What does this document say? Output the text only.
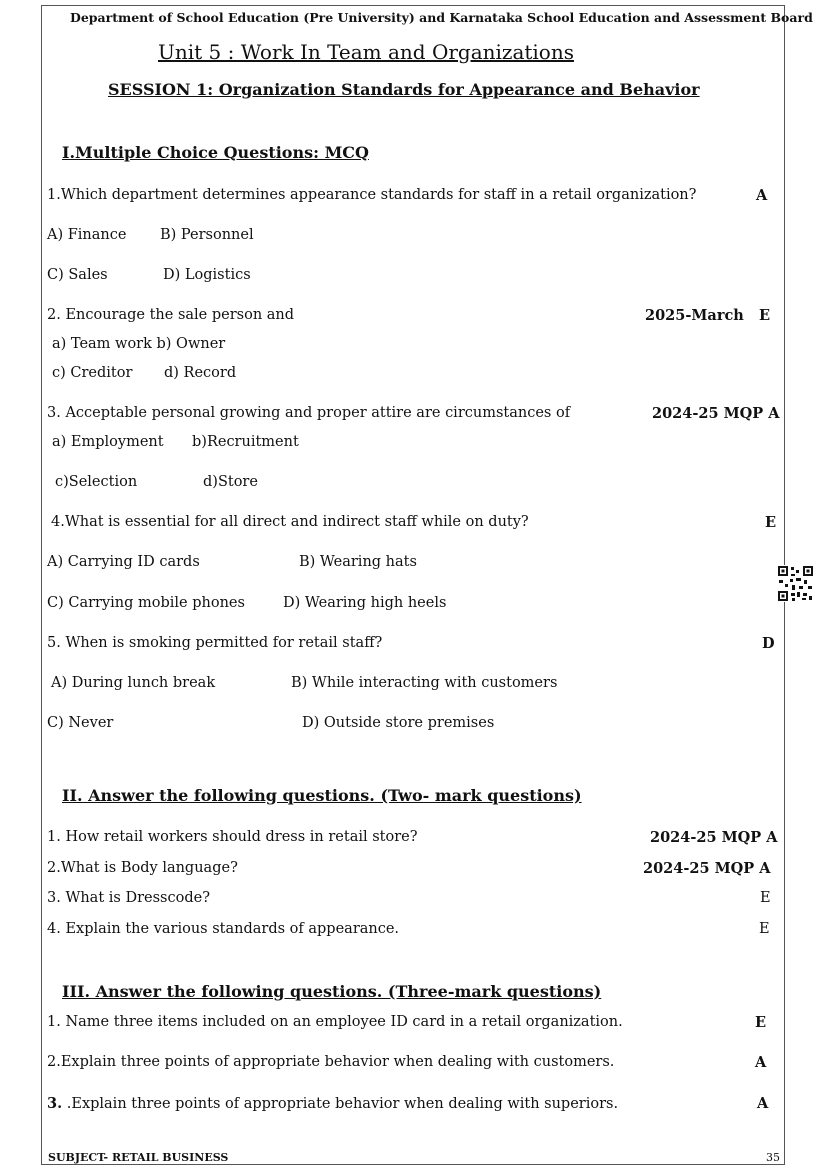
Department of School Education (Pre University) and Karnataka School Education and Assessment Board
Unit 5 : Work In Team and Organizations
SESSION 1: Organization Standards for Appearance and Behavior
I.Multiple Choice Questions: MCQ
1.Which department determines appearance standards for staff in a retail organization?	A
A) Finance B) Personnel
C) Sales	D) Logistics
2. Encourage the sale person and	2025-March   E
a) Team work b) Owner
c) Creditor d) Record
3. Acceptable personal growing and proper attire are circumstances of	2024-25 MQP A
a) Employment b)Recruitment
c)Selection	d)Store
4.What is essential for all direct and indirect staff while on duty?	E
A) Carrying ID cards	B) Wearing hats
C) Carrying mobile phones	D) Wearing high heels
5. When is smoking permitted for retail staff?	D
A) During lunch break	B) While interacting with customers
C) Never	D) Outside store premises
II. Answer the following questions. (Two- mark questions)
1. How retail workers should dress in retail store?	2024-25 MQP A
2.What is Body language?	2024-25 MQP A
3. What is Dresscode?	E
4. Explain the various standards of appearance.	E
III. Answer the following questions. (Three-mark questions)
1. Name three items included on an employee ID card in a retail organization.	E
2.Explain three points of appropriate behavior when dealing with customers.	A
3. .Explain three points of appropriate behavior when dealing with superiors.	A
SUBJECT- RETAIL BUSINESS	35
